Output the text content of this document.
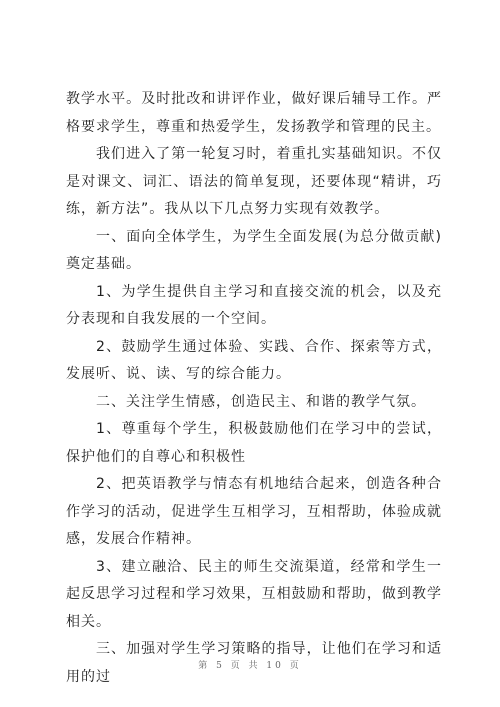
教学水平。及时批改和讲评作业，做好课后辅导工作。严格要求学生，尊重和热爱学生，发扬教学和管理的民主。

我们进入了第一轮复习时，着重扎实基础知识。不仅是对课文、词汇、语法的简单复现，还要体现“精讲，巧练，新方法”。我从以下几点努力实现有效教学。

一、面向全体学生，为学生全面发展(为总分做贡献)奠定基础。

1、为学生提供自主学习和直接交流的机会，以及充分表现和自我发展的一个空间。

2、鼓励学生通过体验、实践、合作、探索等方式，发展听、说、读、写的综合能力。

二、关注学生情感，创造民主、和谐的教学气氛。

1、尊重每个学生，积极鼓励他们在学习中的尝试，保护他们的自尊心和积极性

2、把英语教学与情态有机地结合起来，创造各种合作学习的活动，促进学生互相学习，互相帮助，体验成就感，发展合作精神。

3、建立融洽、民主的师生交流渠道，经常和学生一起反思学习过程和学习效果，互相鼓励和帮助，做到教学相关。

三、加强对学生学习策略的指导，让他们在学习和适用的过

第 5 页 共 10 页
